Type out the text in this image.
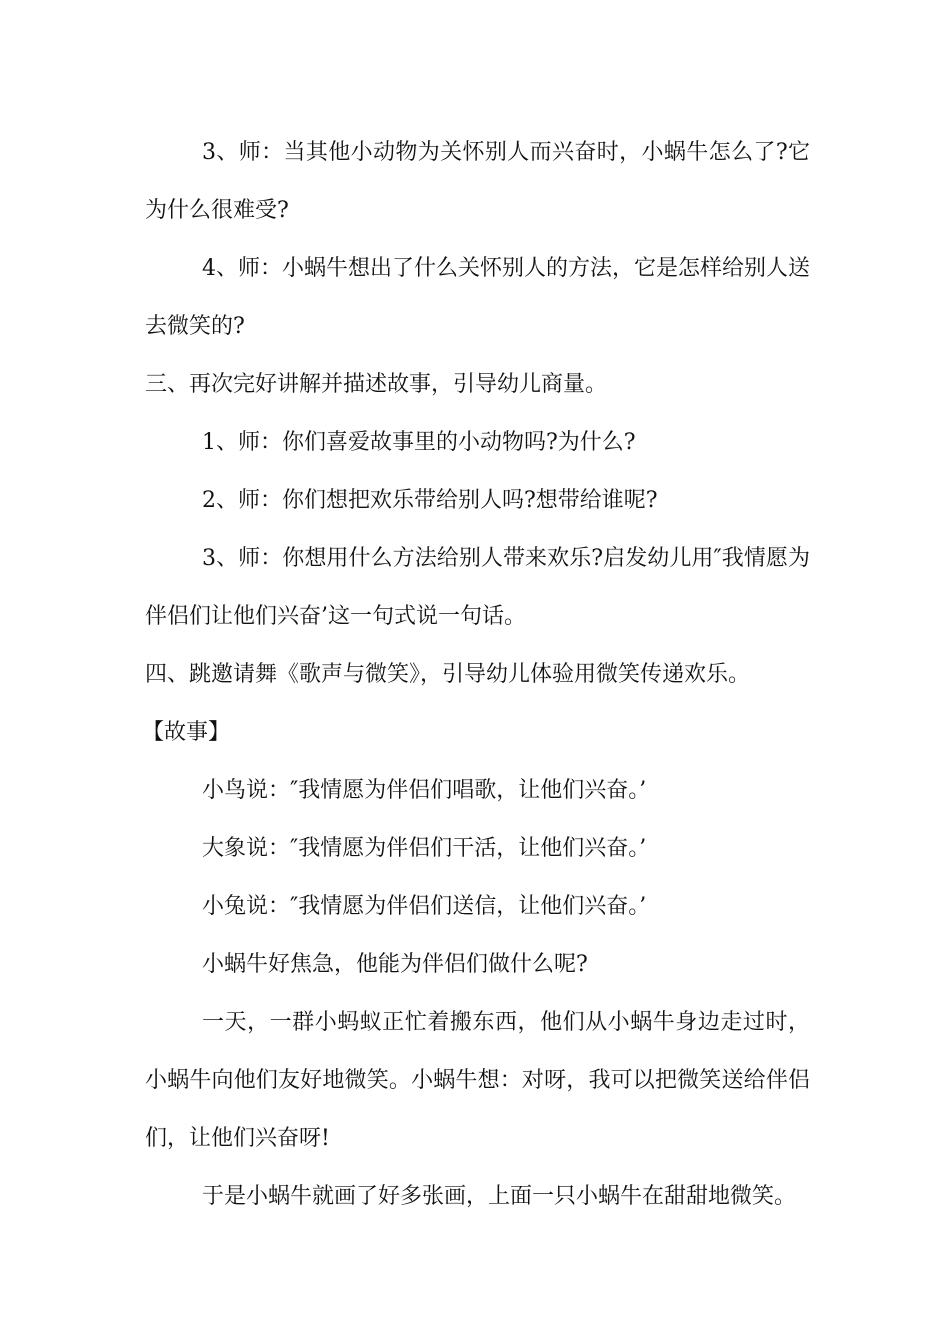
3、师：当其他小动物为关怀别人而兴奋时，小蜗牛怎么了?它为什么很难受?

4、师：小蜗牛想出了什么关怀别人的方法，它是怎样给别人送去微笑的?

三、再次完好讲解并描述故事，引导幼儿商量。

1、师：你们喜爱故事里的小动物吗?为什么?

2、师：你们想把欢乐带给别人吗?想带给谁呢?

3、师：你想用什么方法给别人带来欢乐?启发幼儿用″我情愿为伴侣们让他们兴奋’这一句式说一句话。

四、跳邀请舞《歌声与微笑》，引导幼儿体验用微笑传递欢乐。

【故事】

小鸟说：″我情愿为伴侣们唱歌，让他们兴奋。’

大象说：″我情愿为伴侣们干活，让他们兴奋。’

小兔说：″我情愿为伴侣们送信，让他们兴奋。’

小蜗牛好焦急，他能为伴侣们做什么呢?

一天，一群小蚂蚁正忙着搬东西，他们从小蜗牛身边走过时，小蜗牛向他们友好地微笑。小蜗牛想：对呀，我可以把微笑送给伴侣们，让他们兴奋呀!

于是小蜗牛就画了好多张画，上面一只小蜗牛在甜甜地微笑。
